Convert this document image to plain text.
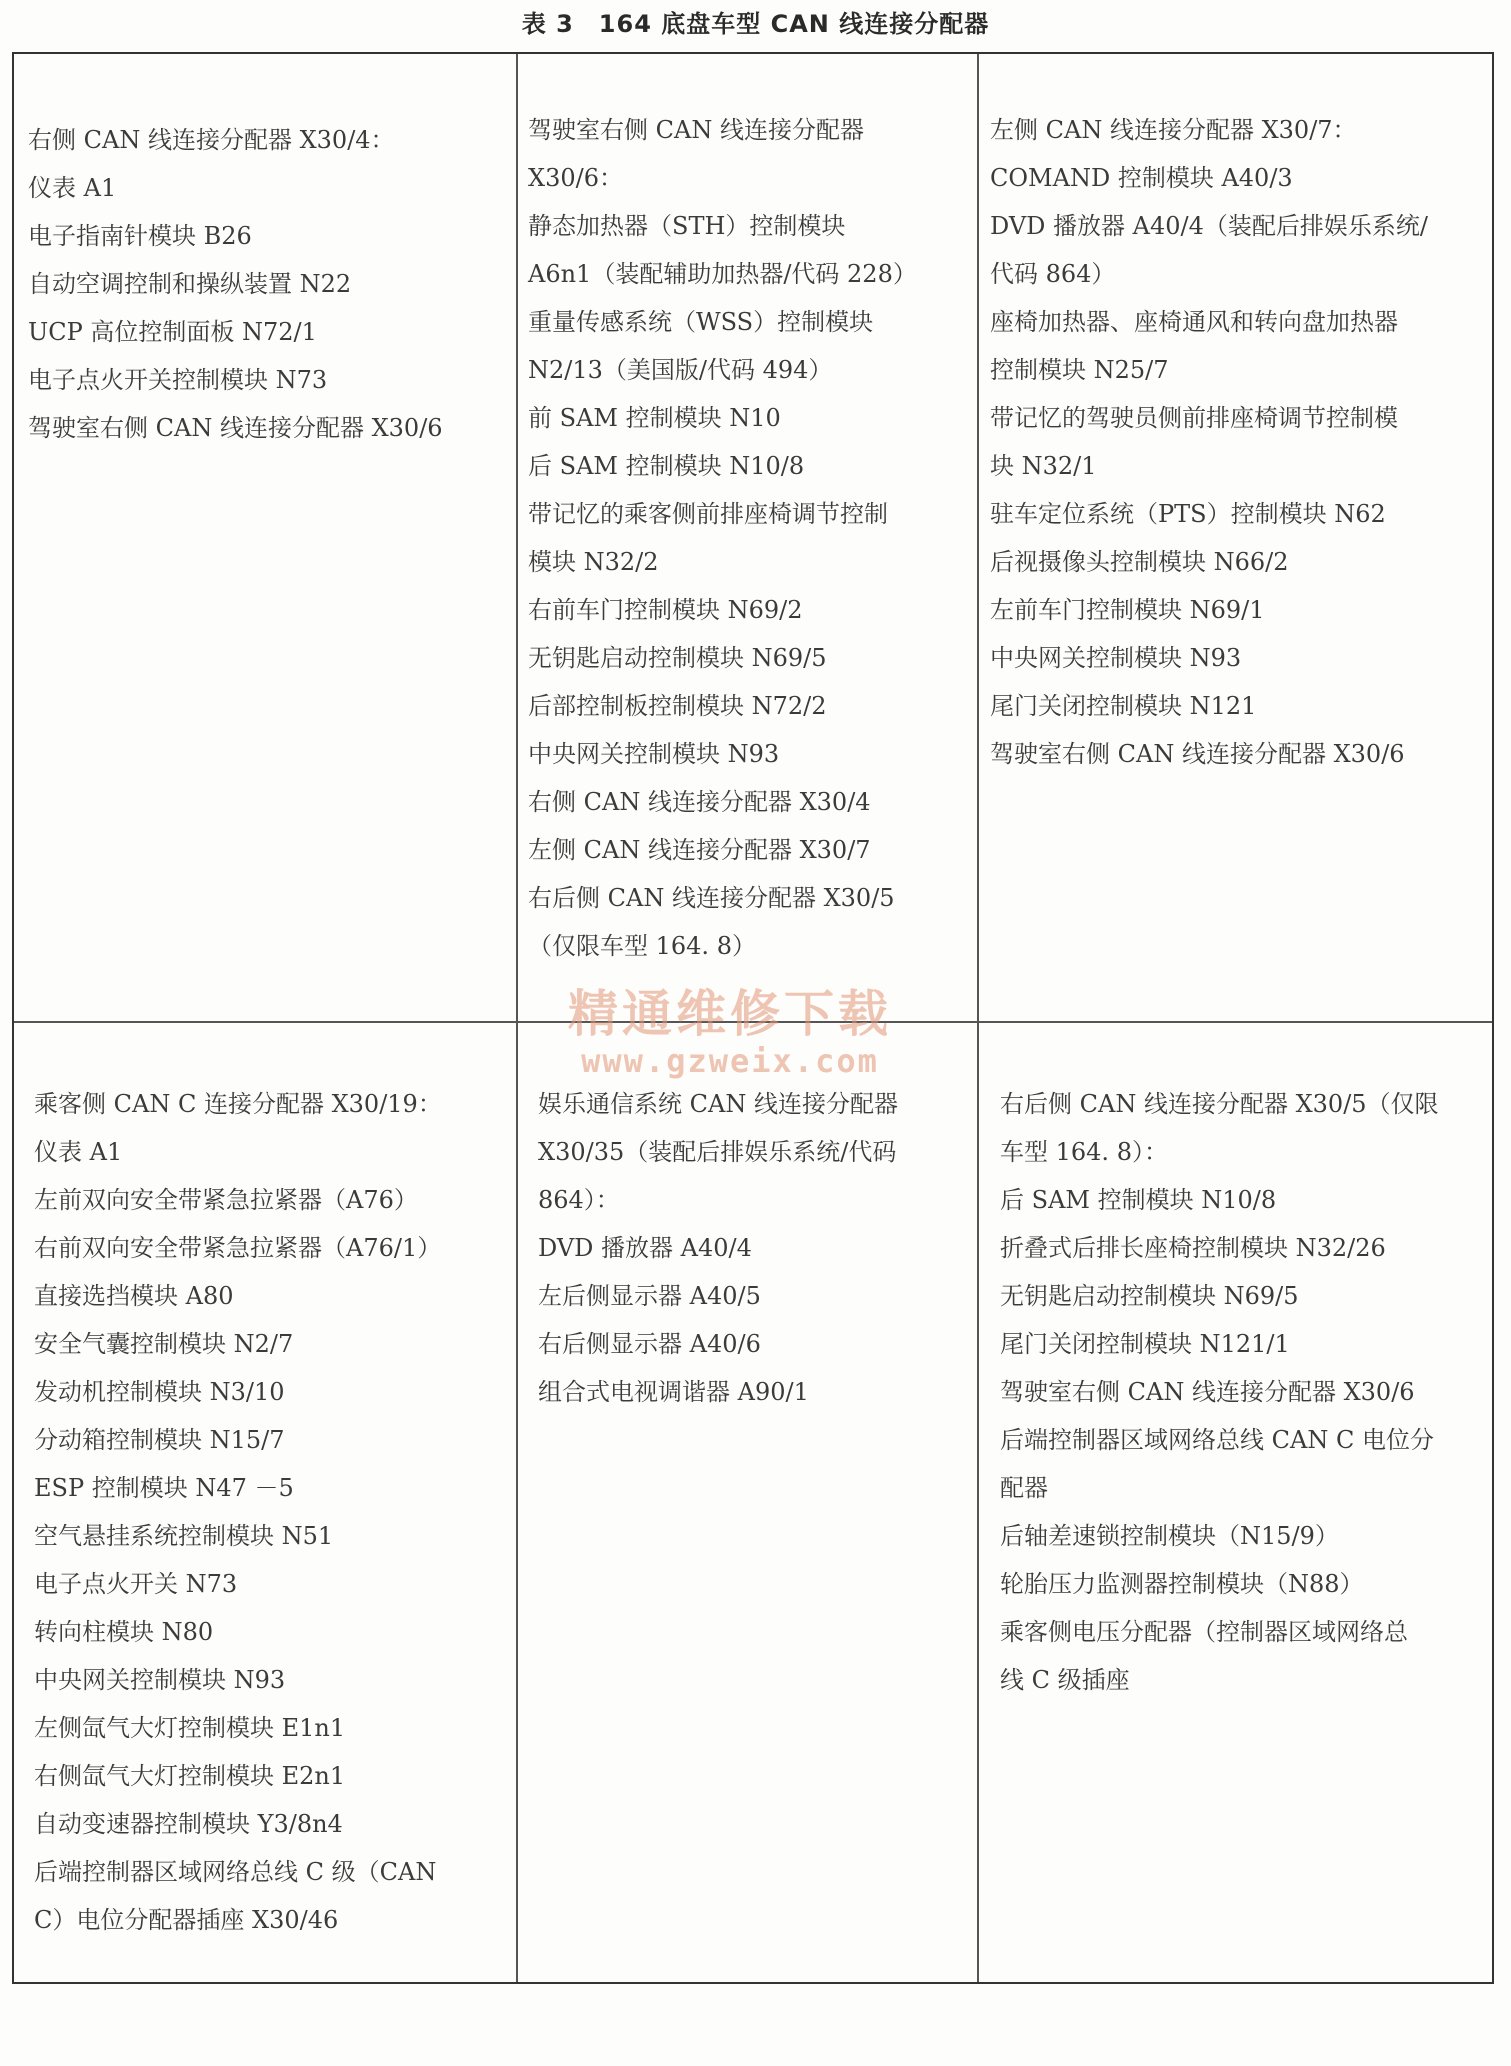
表 3　164 底盘车型 CAN 线连接分配器
右侧 CAN 线连接分配器 X30/4：
仪表 A1
电子指南针模块 B26
自动空调控制和操纵装置 N22
UCP 高位控制面板 N72/1
电子点火开关控制模块 N73
驾驶室右侧 CAN 线连接分配器 X30/6
驾驶室右侧 CAN 线连接分配器
X30/6：
静态加热器（STH）控制模块
A6n1（装配辅助加热器/代码 228）
重量传感系统（WSS）控制模块
N2/13（美国版/代码 494）
前 SAM 控制模块 N10
后 SAM 控制模块 N10/8
带记忆的乘客侧前排座椅调节控制
模块 N32/2
右前车门控制模块 N69/2
无钥匙启动控制模块 N69/5
后部控制板控制模块 N72/2
中央网关控制模块 N93
右侧 CAN 线连接分配器 X30/4
左侧 CAN 线连接分配器 X30/7
右后侧 CAN 线连接分配器 X30/5
（仅限车型 164. 8）
左侧 CAN 线连接分配器 X30/7：
COMAND 控制模块 A40/3
DVD 播放器 A40/4（装配后排娱乐系统/
代码 864）
座椅加热器、座椅通风和转向盘加热器
控制模块 N25/7
带记忆的驾驶员侧前排座椅调节控制模
块 N32/1
驻车定位系统（PTS）控制模块 N62
后视摄像头控制模块 N66/2
左前车门控制模块 N69/1
中央网关控制模块 N93
尾门关闭控制模块 N121
驾驶室右侧 CAN 线连接分配器 X30/6
乘客侧 CAN C 连接分配器 X30/19：
仪表 A1
左前双向安全带紧急拉紧器（A76）
右前双向安全带紧急拉紧器（A76/1）
直接选挡模块 A80
安全气囊控制模块 N2/7
发动机控制模块 N3/10
分动箱控制模块 N15/7
ESP 控制模块 N47 －5
空气悬挂系统控制模块 N51
电子点火开关 N73
转向柱模块 N80
中央网关控制模块 N93
左侧氙气大灯控制模块 E1n1
右侧氙气大灯控制模块 E2n1
自动变速器控制模块 Y3/8n4
后端控制器区域网络总线 C 级（CAN
C）电位分配器插座 X30/46
娱乐通信系统 CAN 线连接分配器
X30/35（装配后排娱乐系统/代码
864）：
DVD 播放器 A40/4
左后侧显示器 A40/5
右后侧显示器 A40/6
组合式电视调谐器 A90/1
右后侧 CAN 线连接分配器 X30/5（仅限
车型 164. 8）：
后 SAM 控制模块 N10/8
折叠式后排长座椅控制模块 N32/26
无钥匙启动控制模块 N69/5
尾门关闭控制模块 N121/1
驾驶室右侧 CAN 线连接分配器 X30/6
后端控制器区域网络总线 CAN C 电位分
配器
后轴差速锁控制模块（N15/9）
轮胎压力监测器控制模块（N88）
乘客侧电压分配器（控制器区域网络总
线 C 级插座
精通维修下载
www.gzweix.com
